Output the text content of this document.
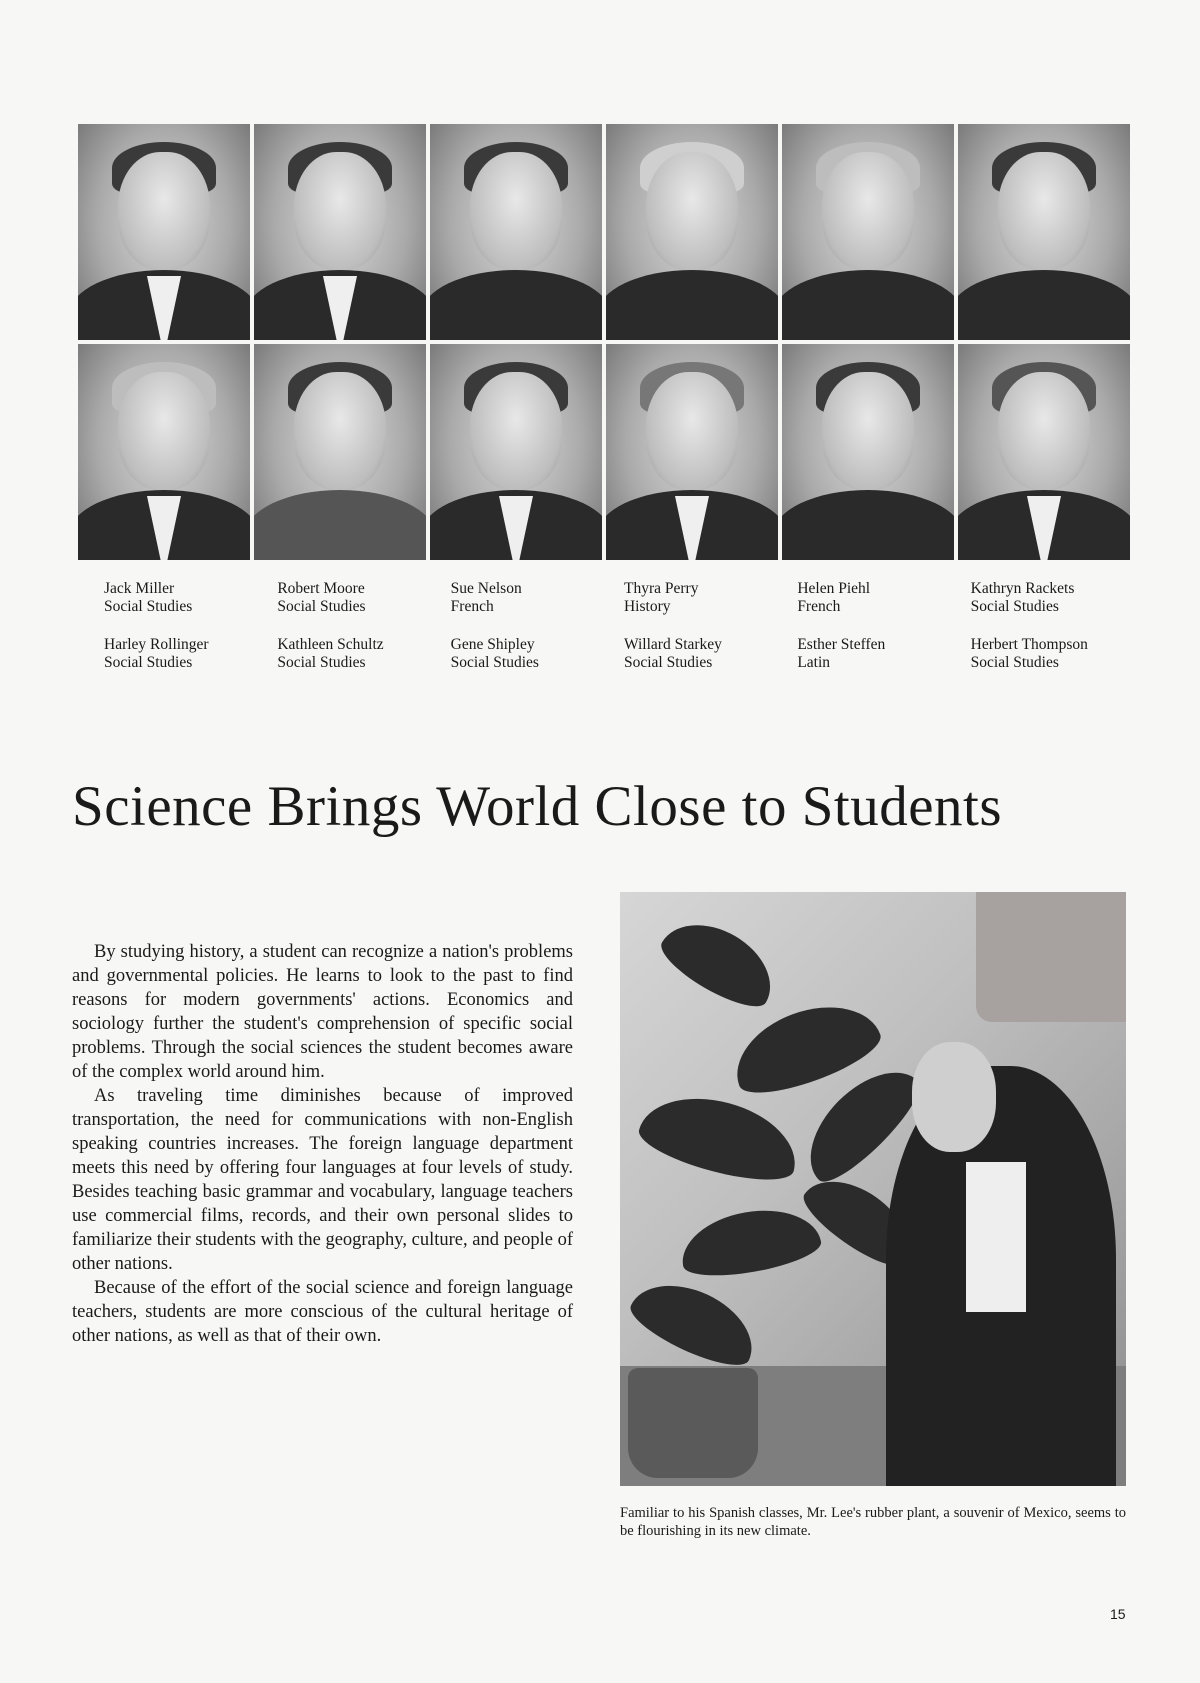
Jack Miller
Social Studies
Robert Moore
Social Studies
Sue Nelson
French
Thyra Perry
History
Helen Piehl
French
Kathryn Rackets
Social Studies
Harley Rollinger
Social Studies
Kathleen Schultz
Social Studies
Gene Shipley
Social Studies
Willard Starkey
Social Studies
Esther Steffen
Latin
Herbert Thompson
Social Studies
Science Brings World Close to Students

By studying history, a student can recognize a nation's problems and governmental policies. He learns to look to the past to find reasons for modern governments' actions. Economics and sociology further the student's comprehension of specific social problems. Through the social sciences the student becomes aware of the complex world around him.

As traveling time diminishes because of improved transportation, the need for communications with non-English speaking countries increases. The foreign language department meets this need by offering four languages at four levels of study. Besides teaching basic grammar and vocabulary, language teachers use commercial films, records, and their own personal slides to familiarize their students with the geography, culture, and people of other nations.

Because of the effort of the social science and foreign language teachers, students are more conscious of the cultural heritage of other nations, as well as that of their own.

Familiar to his Spanish classes, Mr. Lee's rubber plant, a souvenir of Mexico, seems to be flourishing in its new climate.
15
